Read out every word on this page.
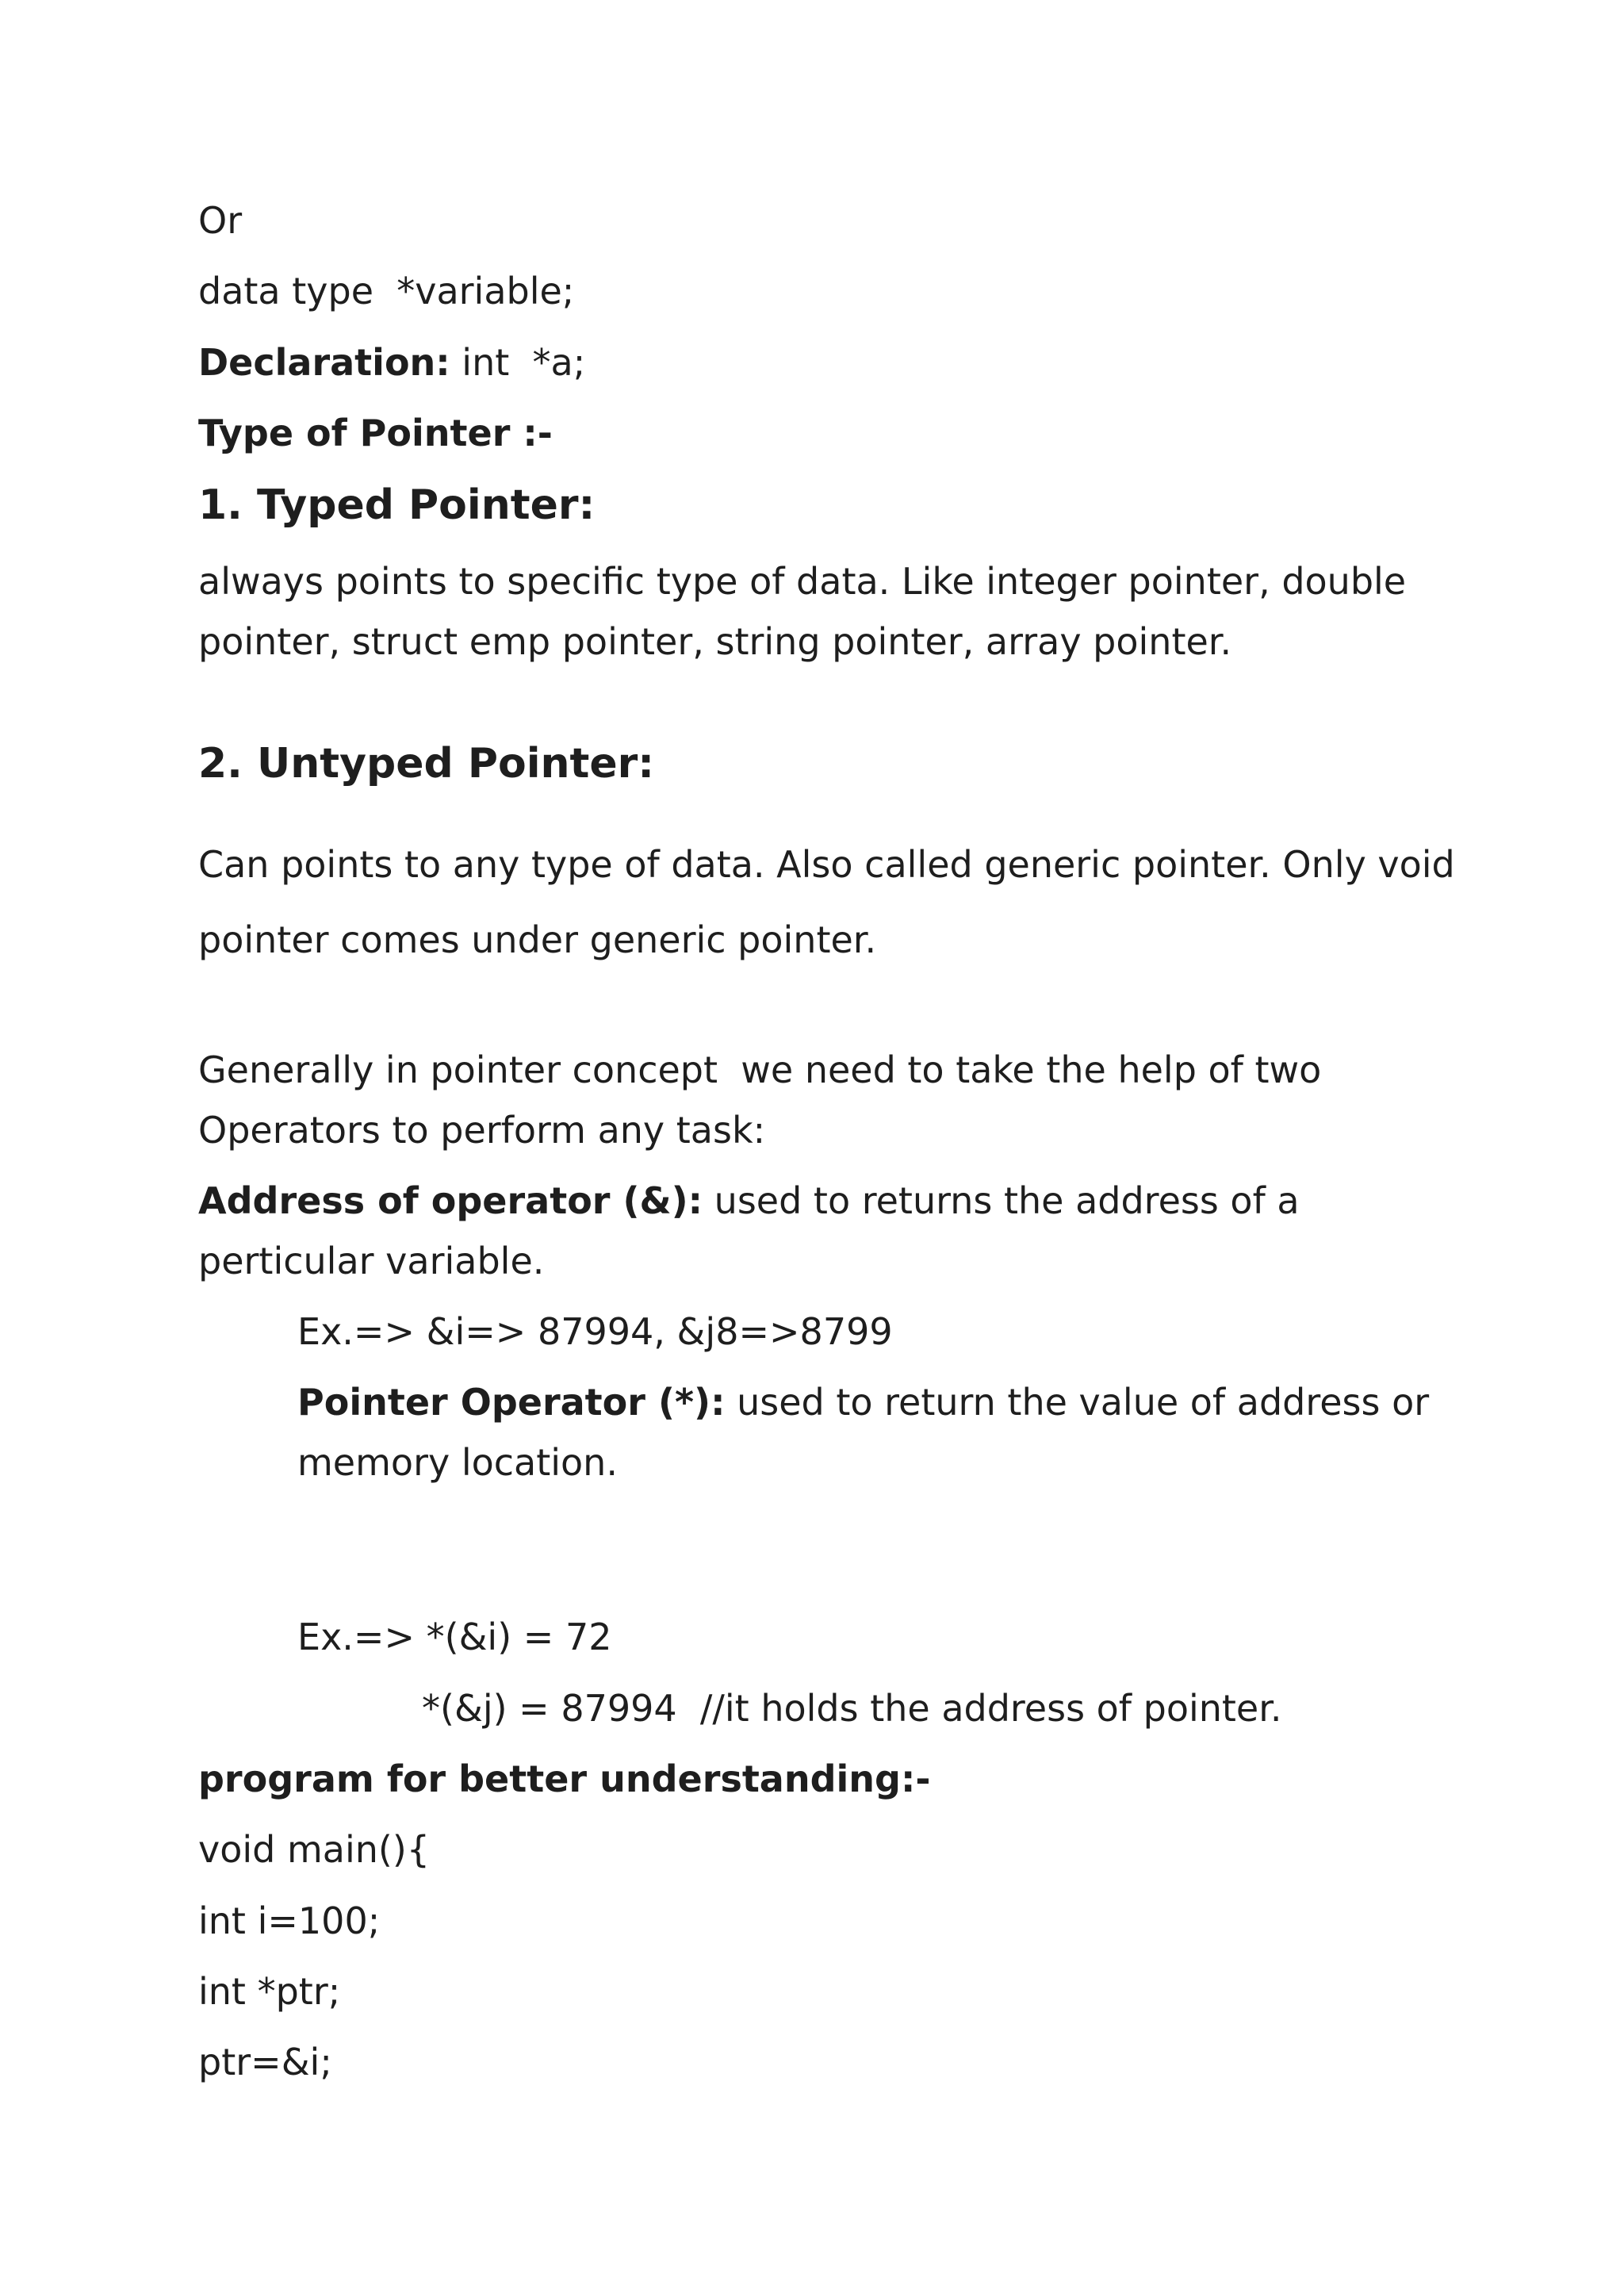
Or

data type  *variable;

Declaration: int  *a;

Type of Pointer :-

1. Typed Pointer:

always points to specific type of data. Like integer pointer, double

pointer, struct emp pointer, string pointer, array pointer.

2. Untyped Pointer:

Can points to any type of data. Also called generic pointer. Only void

pointer comes under generic pointer.

Generally in pointer concept  we need to take the help of two

Operators to perform any task:

Address of operator (&): used to returns the address of a

perticular variable.

Ex.=> &i=> 87994, &j8=>8799

Pointer Operator (*): used to return the value of address or

memory location.

Ex.=> *(&i) = 72

*(&j) = 87994  //it holds the address of pointer.

program for better understanding:-

void main(){

int i=100;

int *ptr;

ptr=&i;
